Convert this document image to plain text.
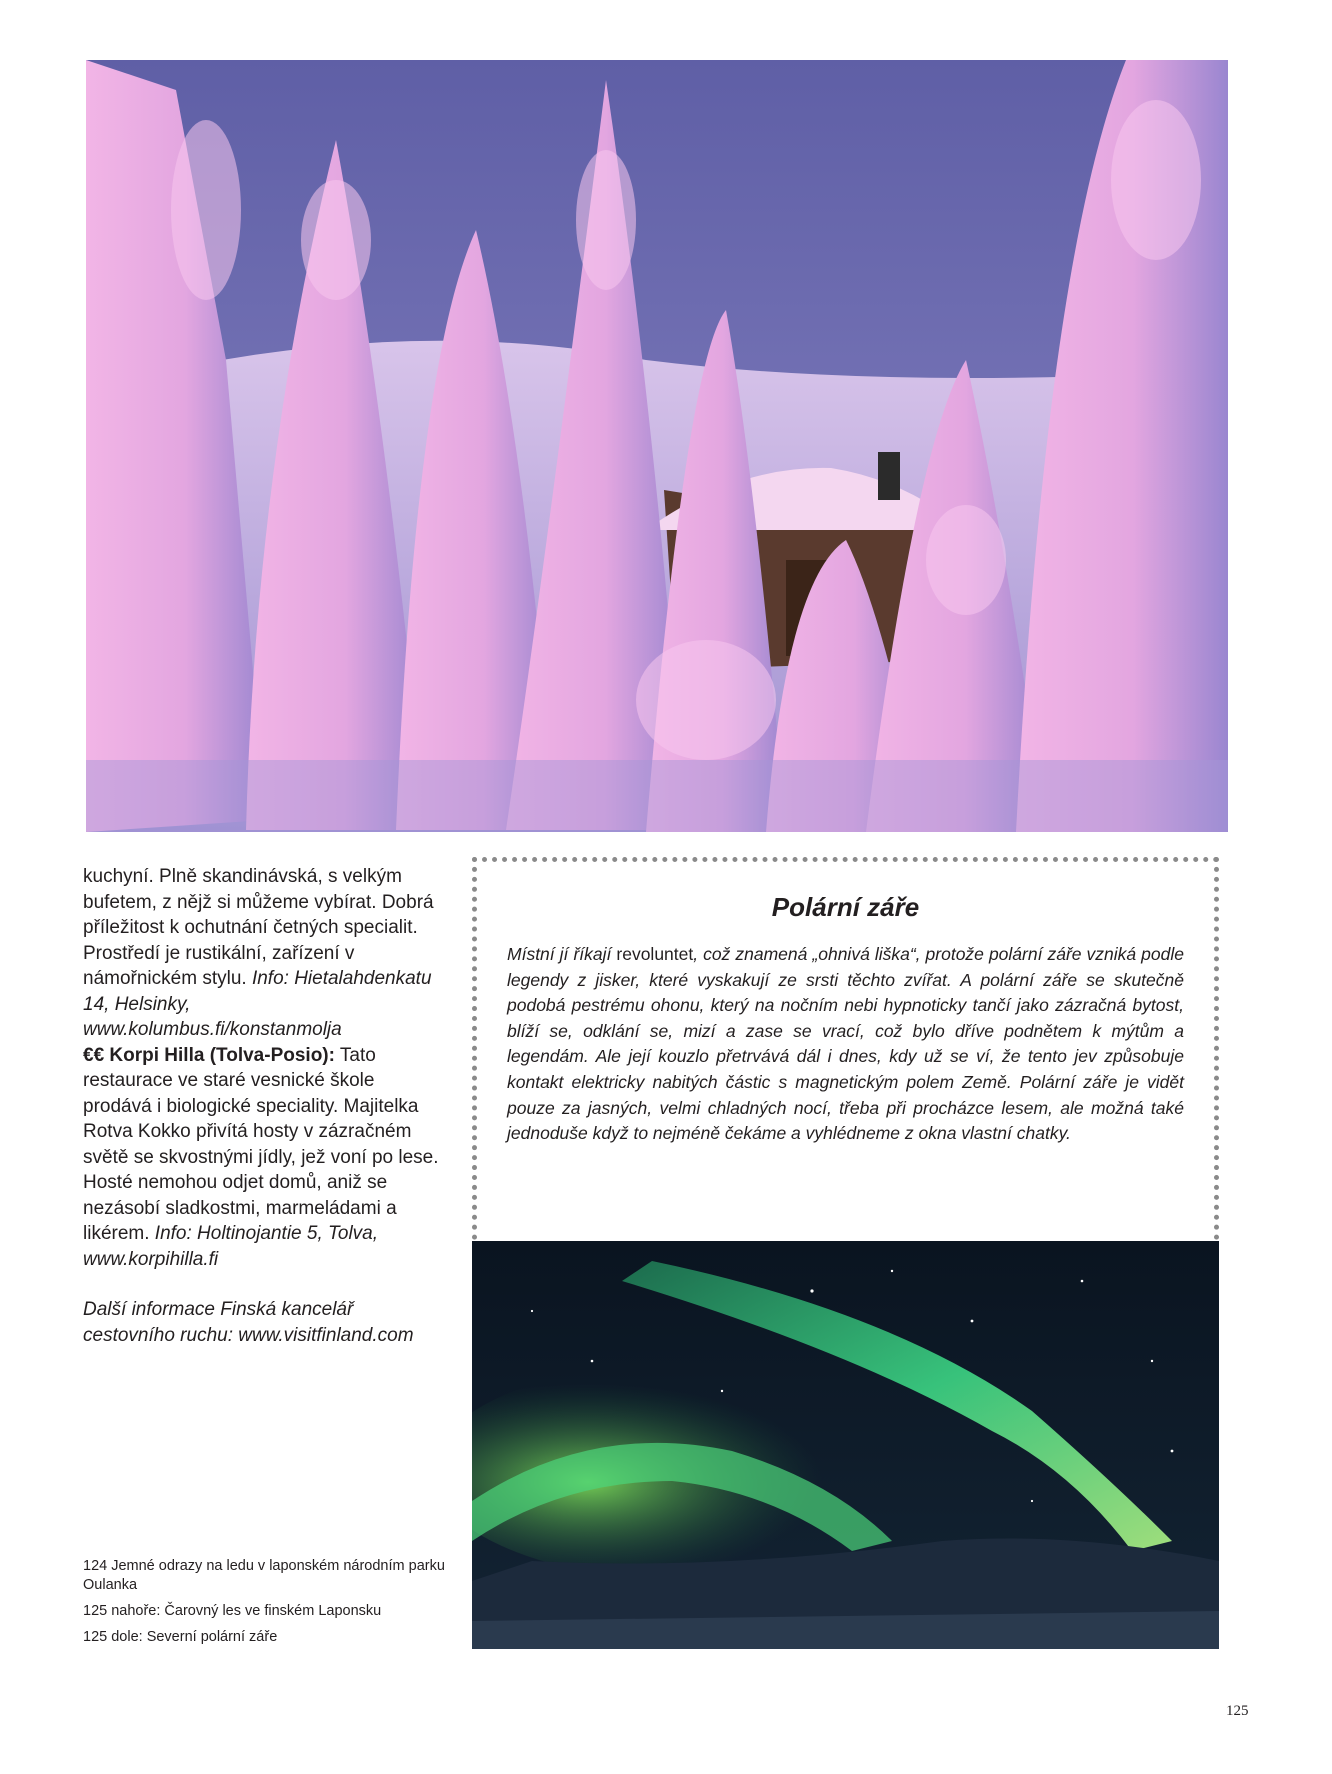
kuchyní. Plně skandinávská, s velkým bufetem, z nějž si můžeme vybírat. Dobrá příležitost k ochutnání četných specialit. Prostředí je rustikální, zařízení v námořnickém stylu. Info: Hietalahdenkatu 14, Helsinky, www.kolumbus.fi/konstanmolja

€€ Korpi Hilla (Tolva-Posio): Tato restaurace ve staré vesnické škole prodává i biologické speciality. Majitelka Rotva Kokko přivítá hosty v zázračném světě se skvostnými jídly, jež voní po lese. Hosté nemohou odjet domů, aniž se nezásobí sladkostmi, marmeládami a likérem. Info: Holtinojantie 5, Tolva, www.korpihilla.fi

Další informace Finská kancelář cestovního ruchu: www.visitfinland.com

Polární záře
Místní jí říkají revoluntet, což znamená „ohnivá liška“, protože polární záře vzniká podle legendy z jisker, které vyskakují ze srsti těchto zvířat. A polární záře se skutečně podobá pestrému ohonu, který na nočním nebi hypnoticky tančí jako zázračná bytost, blíží se, odklání se, mizí a zase se vrací, což bylo dříve podnětem k mýtům a legendám. Ale její kouzlo přetrvává dál i dnes, kdy už se ví, že tento jev způsobuje kontakt elektricky nabitých částic s magnetickým polem Země. Polární záře je vidět pouze za jasných, velmi chladných nocí, třeba při procházce lesem, ale možná také jednoduše když to nejméně čekáme a vyhlédneme z okna vlastní chatky.

124 Jemné odrazy na ledu v laponském národním parku Oulanka

125 nahoře: Čarovný les ve finském Laponsku

125 dole: Severní polární záře

125
